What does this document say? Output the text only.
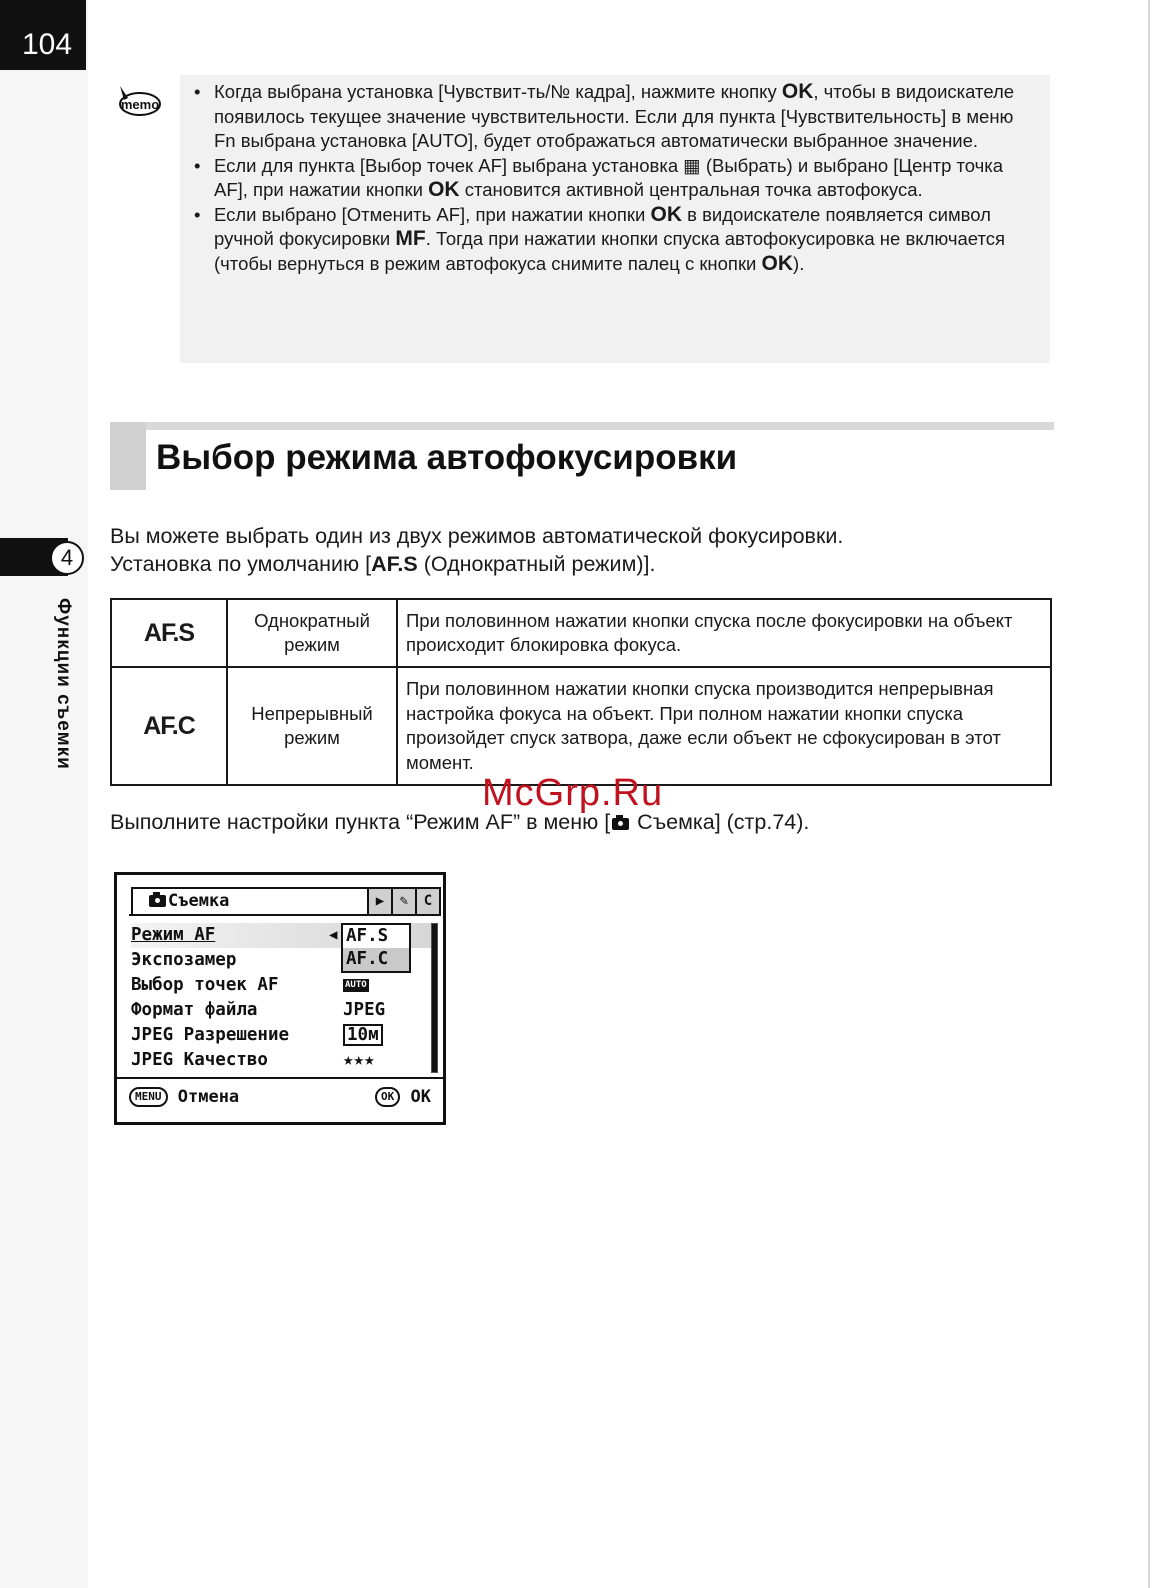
104
4
Функции съемки
memo
• Когда выбрана установка [Чувствит-ть/№ кадра], нажмите кнопку OK, чтобы в видоискателе появилось текущее значение чувствительности. Если для пункта [Чувствительность] в меню Fn выбрана установка [AUTO], будет отображаться автоматически выбранное значение.
• Если для пункта [Выбор точек AF] выбрана установка ▦ (Выбрать) и выбрано [Центр точка AF], при нажатии кнопки OK становится активной центральная точка автофокуса.
• Если выбрано [Отменить AF], при нажатии кнопки OK в видоискателе появляется символ ручной фокусировки MF. Тогда при нажатии кнопки спуска автофокусировка не включается (чтобы вернуться в режим автофокуса снимите палец с кнопки OK).
Выбор режима автофокусировки
Вы можете выбрать один из двух режимов автоматической фокусировки.
Установка по умолчанию [AF.S (Однократный режим)].
AF.S	Однократный режим	При половинном нажатии кнопки спуска после фокусировки на объект происходит блокировка фокуса.
AF.C	Непрерывный режим	При половинном нажатии кнопки спуска производится непрерывная настройка фокуса на объект. При полном нажатии кнопки спуска произойдет спуск затвора, даже если объект не сфокусирован в этот момент.
McGrp.Ru
Выполните настройки пункта “Режим AF” в меню [ Съемка] (стр.74).
Съемка	▶	✎	C
Режим AF	◀ AF.S
AF.C
Экспозамер
Выбор точек AF	AUTO
Формат файла	JPEG
JPEG Разрешение	10м
JPEG Качество	★★★
MENU Отмена	OK OK
